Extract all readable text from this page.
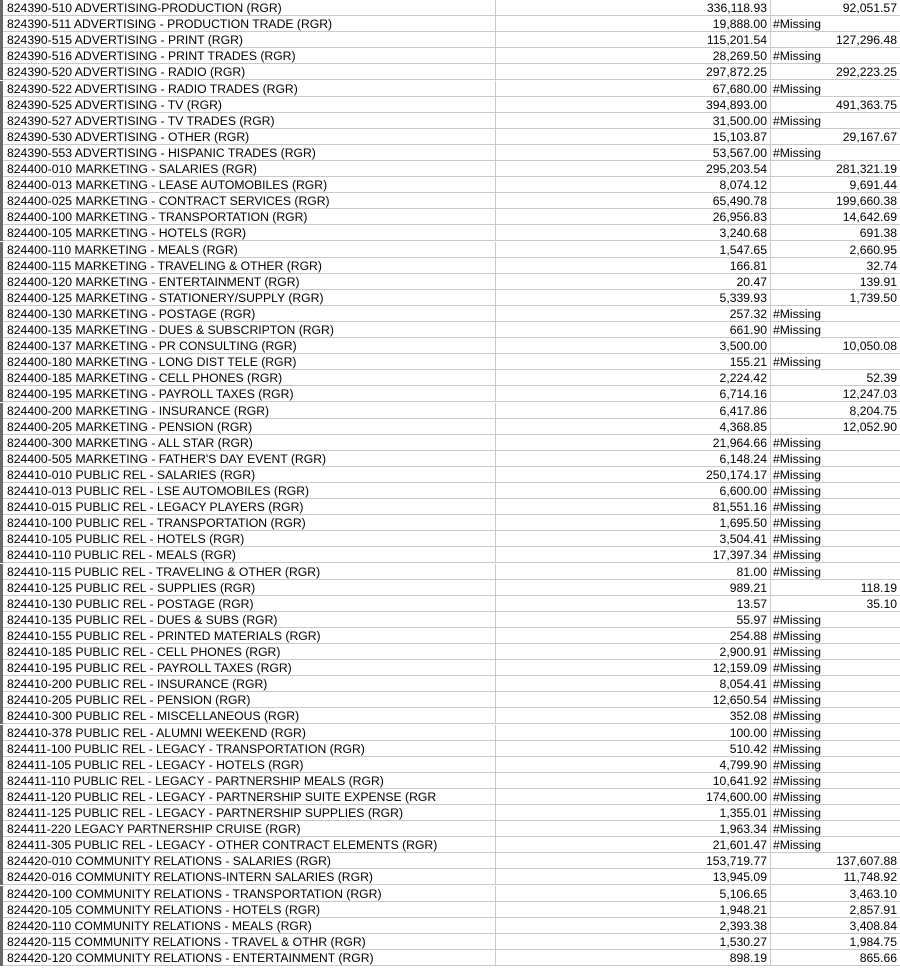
824390-510 ADVERTISING-PRODUCTION (RGR)	336,118.93	92,051.57
824390-511 ADVERTISING - PRODUCTION TRADE (RGR)	19,888.00 #Missing
824390-515 ADVERTISING - PRINT (RGR)	115,201.54	127,296.48
824390-516 ADVERTISING - PRINT TRADES (RGR)	28,269.50 #Missing
824390-520 ADVERTISING - RADIO (RGR)	297,872.25	292,223.25
824390-522 ADVERTISING - RADIO TRADES (RGR)	67,680.00 #Missing
824390-525 ADVERTISING - TV (RGR)	394,893.00	491,363.75
824390-527 ADVERTISING - TV TRADES (RGR)	31,500.00 #Missing
824390-530 ADVERTISING - OTHER (RGR)	15,103.87	29,167.67
824390-553 ADVERTISING - HISPANIC TRADES (RGR)	53,567.00 #Missing
824400-010 MARKETING - SALARIES (RGR)	295,203.54	281,321.19
824400-013 MARKETING - LEASE AUTOMOBILES (RGR)	8,074.12	9,691.44
824400-025 MARKETING - CONTRACT SERVICES (RGR)	65,490.78	199,660.38
824400-100 MARKETING - TRANSPORTATION (RGR)	26,956.83	14,642.69
824400-105 MARKETING - HOTELS (RGR)	3,240.68	691.38
824400-110 MARKETING - MEALS (RGR)	1,547.65	2,660.95
824400-115 MARKETING - TRAVELING & OTHER (RGR)	166.81	32.74
824400-120 MARKETING - ENTERTAINMENT (RGR)	20.47	139.91
824400-125 MARKETING - STATIONERY/SUPPLY (RGR)	5,339.93	1,739.50
824400-130 MARKETING - POSTAGE (RGR)	257.32 #Missing
824400-135 MARKETING - DUES & SUBSCRIPTON (RGR)	661.90 #Missing
824400-137 MARKETING - PR CONSULTING (RGR)	3,500.00	10,050.08
824400-180 MARKETING - LONG DIST TELE (RGR)	155.21 #Missing
824400-185 MARKETING - CELL PHONES (RGR)	2,224.42	52.39
824400-195 MARKETING - PAYROLL TAXES (RGR)	6,714.16	12,247.03
824400-200 MARKETING - INSURANCE (RGR)	6,417.86	8,204.75
824400-205 MARKETING - PENSION (RGR)	4,368.85	12,052.90
824400-300 MARKETING - ALL STAR (RGR)	21,964.66 #Missing
824400-505 MARKETING - FATHER'S DAY EVENT (RGR)	6,148.24 #Missing
824410-010 PUBLIC REL - SALARIES (RGR)	250,174.17 #Missing
824410-013 PUBLIC REL - LSE AUTOMOBILES (RGR)	6,600.00 #Missing
824410-015 PUBLIC REL - LEGACY PLAYERS (RGR)	81,551.16 #Missing
824410-100 PUBLIC REL - TRANSPORTATION (RGR)	1,695.50 #Missing
824410-105 PUBLIC REL - HOTELS (RGR)	3,504.41 #Missing
824410-110 PUBLIC REL - MEALS (RGR)	17,397.34 #Missing
824410-115 PUBLIC REL - TRAVELING & OTHER (RGR)	81.00 #Missing
824410-125 PUBLIC REL - SUPPLIES (RGR)	989.21	118.19
824410-130 PUBLIC REL - POSTAGE (RGR)	13.57	35.10
824410-135 PUBLIC REL - DUES & SUBS (RGR)	55.97 #Missing
824410-155 PUBLIC REL - PRINTED MATERIALS (RGR)	254.88 #Missing
824410-185 PUBLIC REL - CELL PHONES (RGR)	2,900.91 #Missing
824410-195 PUBLIC REL - PAYROLL TAXES (RGR)	12,159.09 #Missing
824410-200 PUBLIC REL - INSURANCE (RGR)	8,054.41 #Missing
824410-205 PUBLIC REL - PENSION (RGR)	12,650.54 #Missing
824410-300 PUBLIC REL - MISCELLANEOUS (RGR)	352.08 #Missing
824410-378 PUBLIC REL - ALUMNI WEEKEND (RGR)	100.00 #Missing
824411-100 PUBLIC REL - LEGACY - TRANSPORTATION (RGR)	510.42 #Missing
824411-105 PUBLIC REL - LEGACY - HOTELS (RGR)	4,799.90 #Missing
824411-110 PUBLIC REL - LEGACY - PARTNERSHIP MEALS (RGR)	10,641.92 #Missing
824411-120 PUBLIC REL - LEGACY - PARTNERSHIP SUITE EXPENSE (RGR	174,600.00 #Missing
824411-125 PUBLIC REL - LEGACY - PARTNERSHIP SUPPLIES (RGR)	1,355.01 #Missing
824411-220 LEGACY PARTNERSHIP CRUISE (RGR)	1,963.34 #Missing
824411-305 PUBLIC REL - LEGACY - OTHER CONTRACT ELEMENTS (RGR)	21,601.47 #Missing
824420-010 COMMUNITY RELATIONS - SALARIES (RGR)	153,719.77	137,607.88
824420-016 COMMUNITY RELATIONS-INTERN SALARIES (RGR)	13,945.09	11,748.92
824420-100 COMMUNITY RELATIONS - TRANSPORTATION (RGR)	5,106.65	3,463.10
824420-105 COMMUNITY RELATIONS - HOTELS (RGR)	1,948.21	2,857.91
824420-110 COMMUNITY RELATIONS - MEALS (RGR)	2,393.38	3,408.84
824420-115 COMMUNITY RELATIONS - TRAVEL & OTHR (RGR)	1,530.27	1,984.75
824420-120 COMMUNITY RELATIONS - ENTERTAINMENT (RGR)	898.19	865.66
